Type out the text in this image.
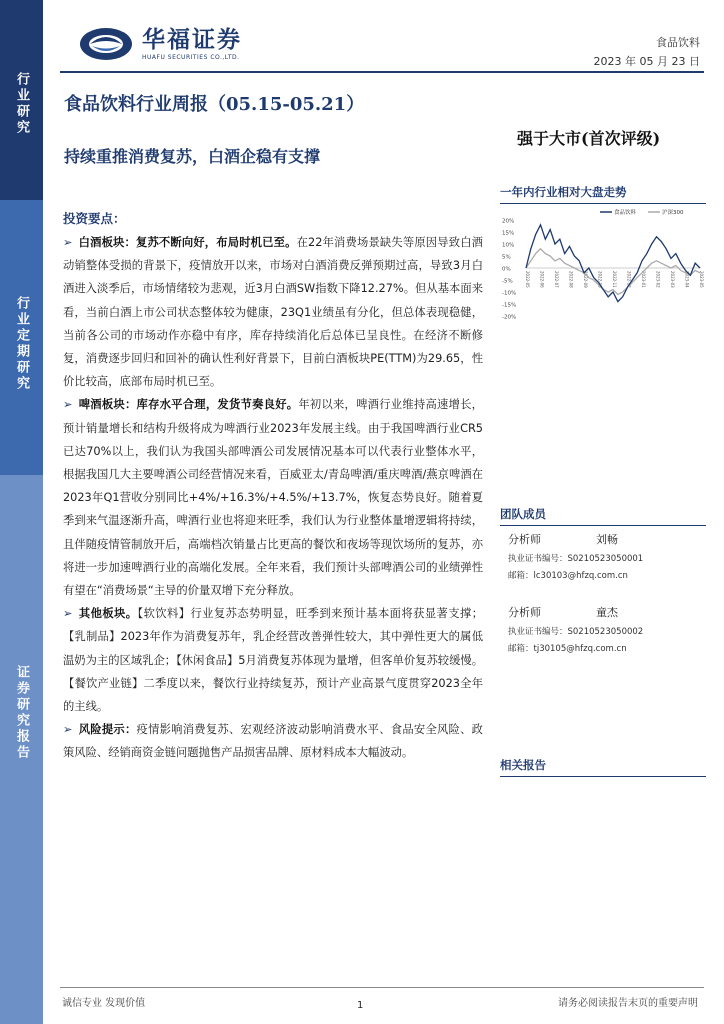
行业研究
行业定期研究
证券研究报告
华福证券
HUAFU SECURITIES CO.,LTD.
食品饮料
2023 年 05 月 23 日
食品饮料行业周报（05.15-05.21）
持续重推消费复苏，白酒企稳有支撑
强于大市(首次评级)
投资要点：
➢ 白酒板块：复苏不断向好，布局时机已至。在22年消费场景缺失等原因导致白酒动销整体受损的背景下，疫情放开以来，市场对白酒消费反弹预期过高，导致3月白酒进入淡季后，市场情绪较为悲观，近3月白酒SW指数下降12.27%。但从基本面来看，当前白酒上市公司状态整体较为健康，23Q1业绩虽有分化，但总体表现稳健，当前各公司的市场动作亦稳中有序，库存持续消化后总体已呈良性。在经济不断修复，消费逐步回归和回补的确认性利好背景下，目前白酒板块PE(TTM)为29.65，性价比较高，底部布局时机已至。
➢ 啤酒板块：库存水平合理，发货节奏良好。年初以来，啤酒行业维持高速增长，预计销量增长和结构升级将成为啤酒行业2023年发展主线。由于我国啤酒行业CR5已达70%以上，我们认为我国头部啤酒公司发展情况基本可以代表行业整体水平，根据我国几大主要啤酒公司经营情况来看，百威亚太/青岛啤酒/重庆啤酒/燕京啤酒在2023年Q1营收分别同比+4%/+16.3%/+4.5%/+13.7%，恢复态势良好。随着夏季到来气温逐渐升高，啤酒行业也将迎来旺季，我们认为行业整体量增逻辑将持续，且伴随疫情管制放开后，高端档次销量占比更高的餐饮和夜场等现饮场所的复苏，亦将进一步加速啤酒行业的高端化发展。全年来看，我们预计头部啤酒公司的业绩弹性有望在“消费场景“主导的价量双增下充分释放。
➢ 其他板块。【软饮料】行业复苏态势明显，旺季到来预计基本面将获显著支撑；【乳制品】2023年作为消费复苏年，乳企经营改善弹性较大，其中弹性更大的属低温奶为主的区域乳企；【休闲食品】5月消费复苏体现为量增，但客单价复苏较缓慢。【餐饮产业链】二季度以来，餐饮行业持续复苏，预计产业高景气度贯穿2023全年的主线。
➢ 风险提示：疫情影响消费复苏、宏观经济波动影响消费水平、食品安全风险、政策风险、经销商资金链问题抛售产品损害品牌、原材料成本大幅波动。
一年内行业相对大盘走势
20%
15%
10%
5%
0%
-5%
-10%
-15%
-20%
2022-05 2022-06 2022-07 2022-08 2022-09 2022-10 2022-11 2022-12 2023-01 2023-02 2023-03 2023-04 2023-05
食品饮料	沪深300
团队成员
分析师	刘畅
执业证书编号：S0210523050001
邮箱：lc30103@hfzq.com.cn
分析师	童杰
执业证书编号：S0210523050002
邮箱：tj30105@hfzq.com.cn
相关报告
诚信专业 发现价值	1	请务必阅读报告末页的重要声明
